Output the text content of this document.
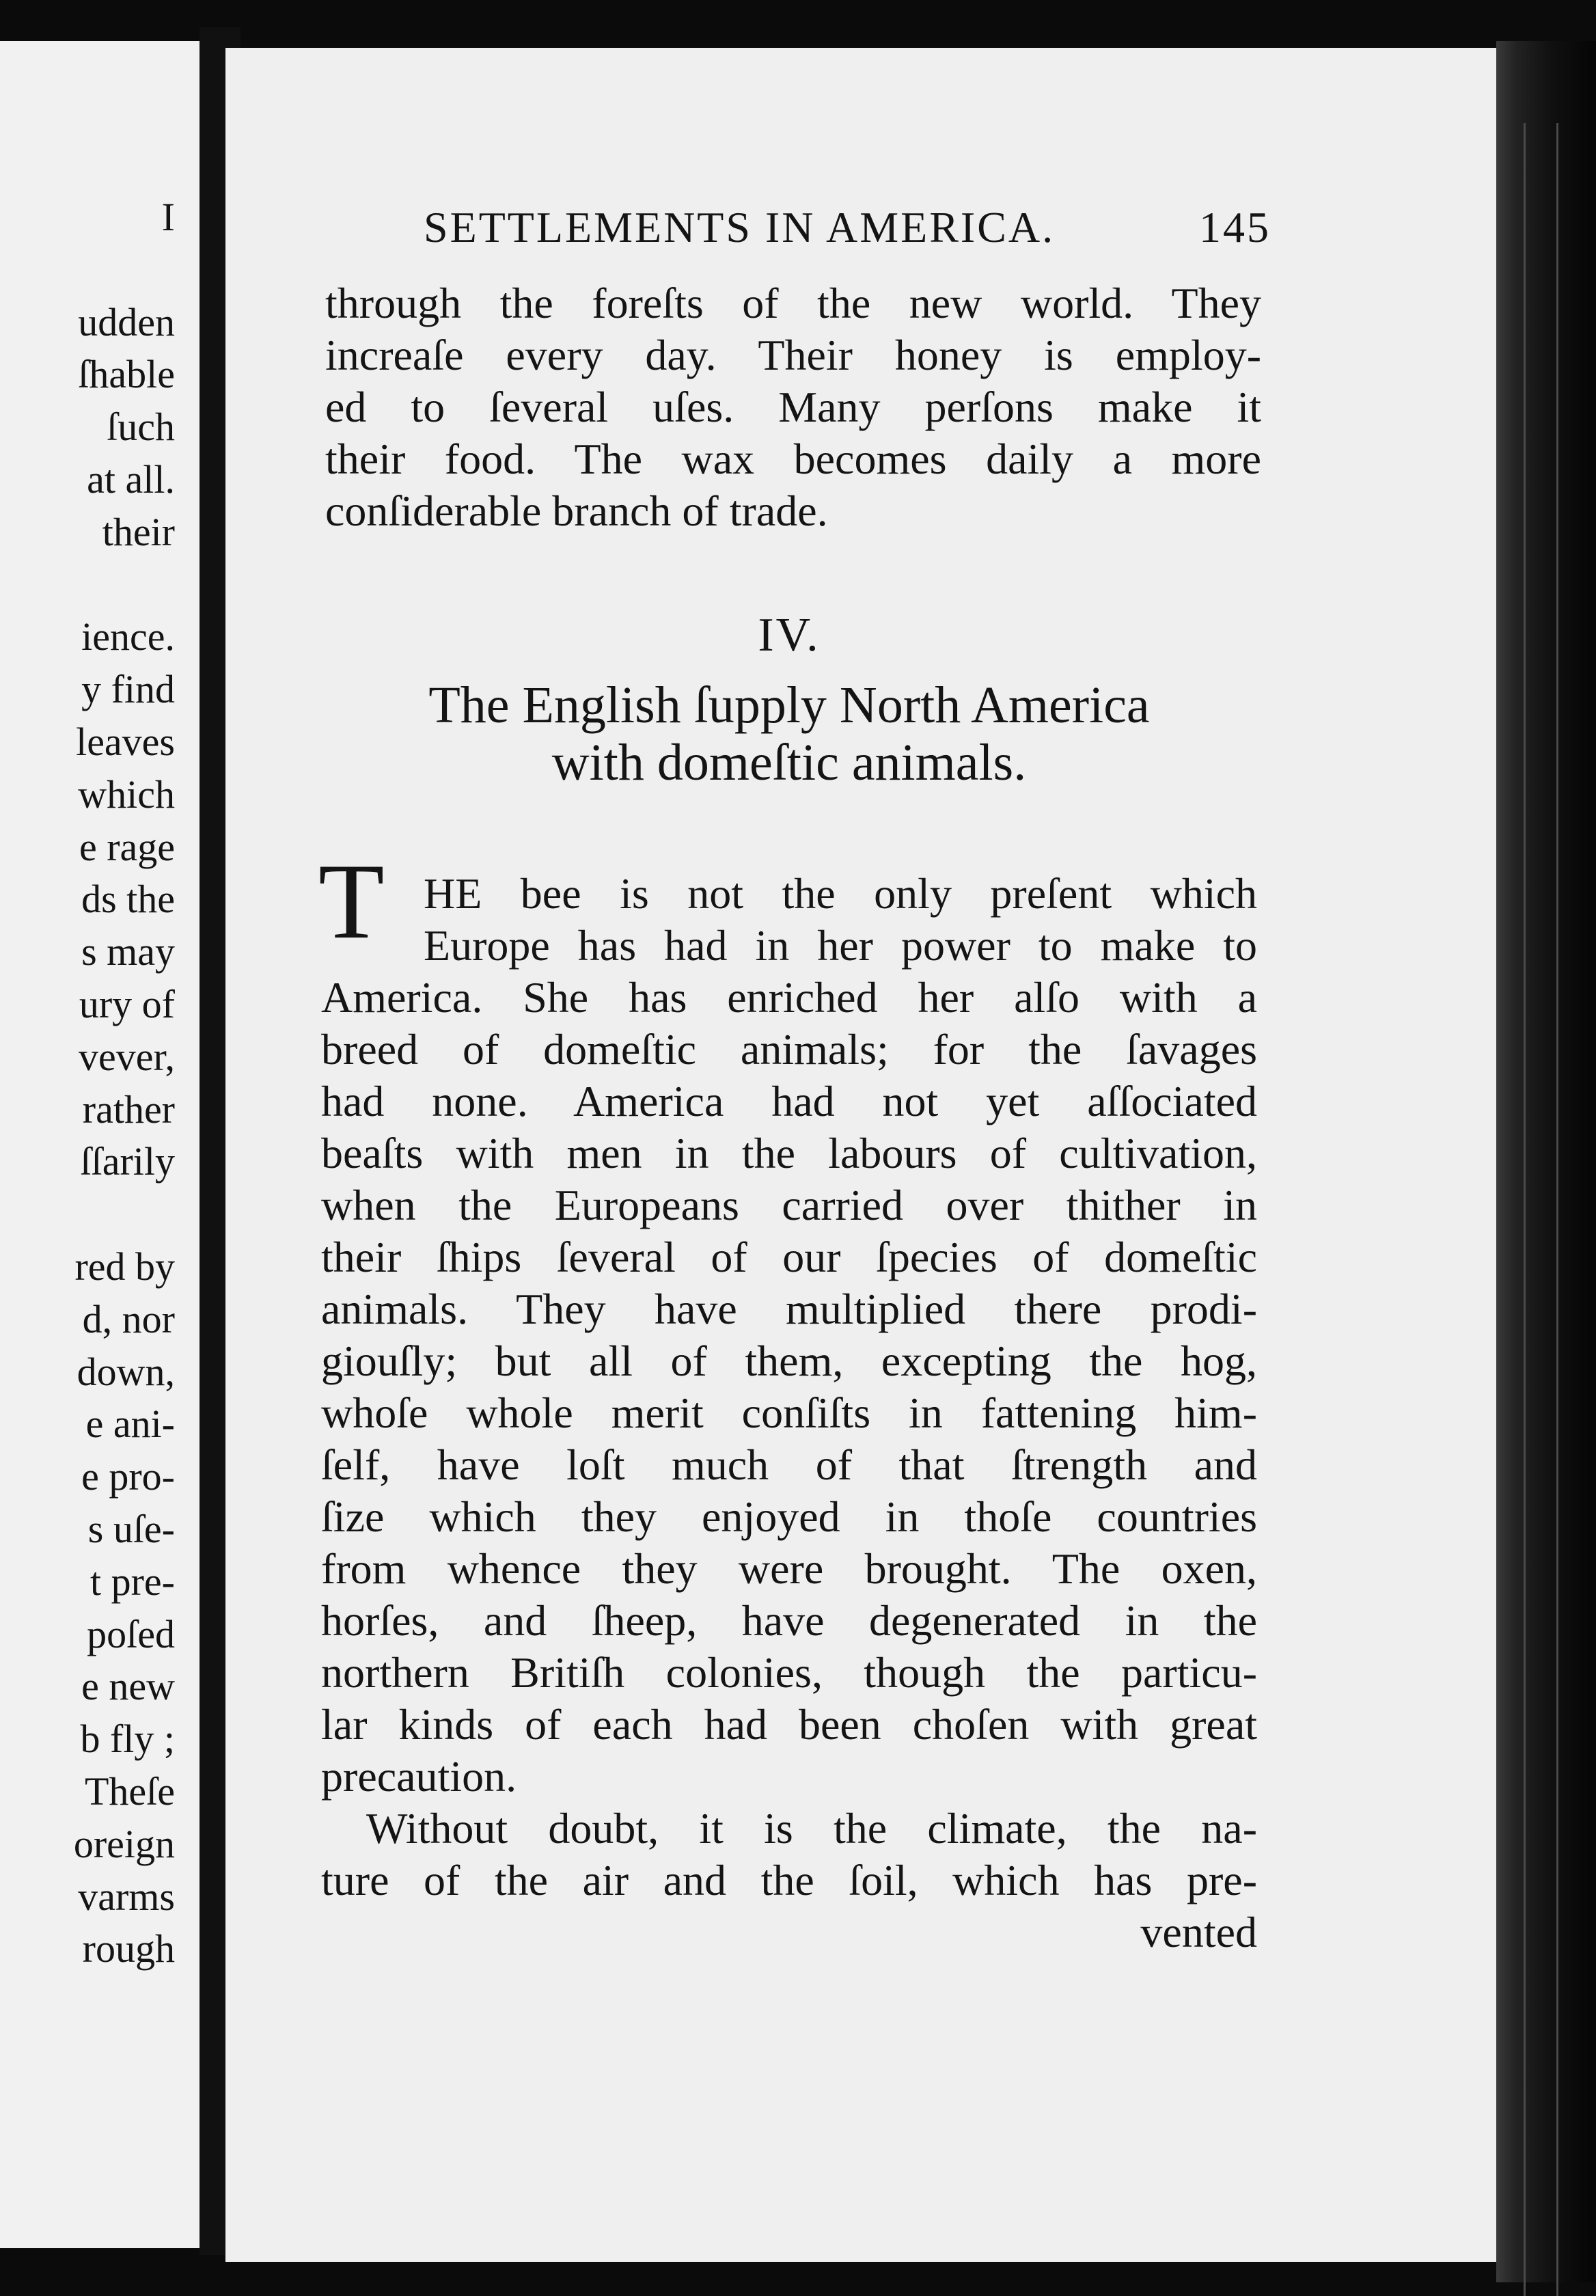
I
udden
ſhable
ſuch
at all.
their
ience.
y find
leaves
which
e rage
ds the
s may
ury of
vever,
rather
ſſarily
red by
d, nor
down,
e ani-
e pro-
s uſe-
t pre-
poſed
e new
b fly ;
Theſe
oreign
varms
rough
SETTLEMENTS IN AMERICA.	145
through the foreſts of the new world. They
increaſe every day. Their honey is employ-
ed to ſeveral uſes. Many perſons make it
their food. The wax becomes daily a more
conſiderable branch of trade.
IV.
The English ſupply North America
with domeſtic animals.
T HE bee is not the only preſent which
Europe has had in her power to make to
America. She has enriched her alſo with a
breed of domeſtic animals; for the ſavages
had none. America had not yet aſſociated
beaſts with men in the labours of cultivation,
when the Europeans carried over thither in
their ſhips ſeveral of our ſpecies of domeſtic
animals. They have multiplied there prodi-
giouſly; but all of them, excepting the hog,
whoſe whole merit conſiſts in fattening him-
ſelf, have loſt much of that ſtrength and
ſize which they enjoyed in thoſe countries
from whence they were brought. The oxen,
horſes, and ſheep, have degenerated in the
northern Britiſh colonies, though the particu-
lar kinds of each had been choſen with great
precaution.
Without doubt, it is the climate, the na-
ture of the air and the ſoil, which has pre-
vented
